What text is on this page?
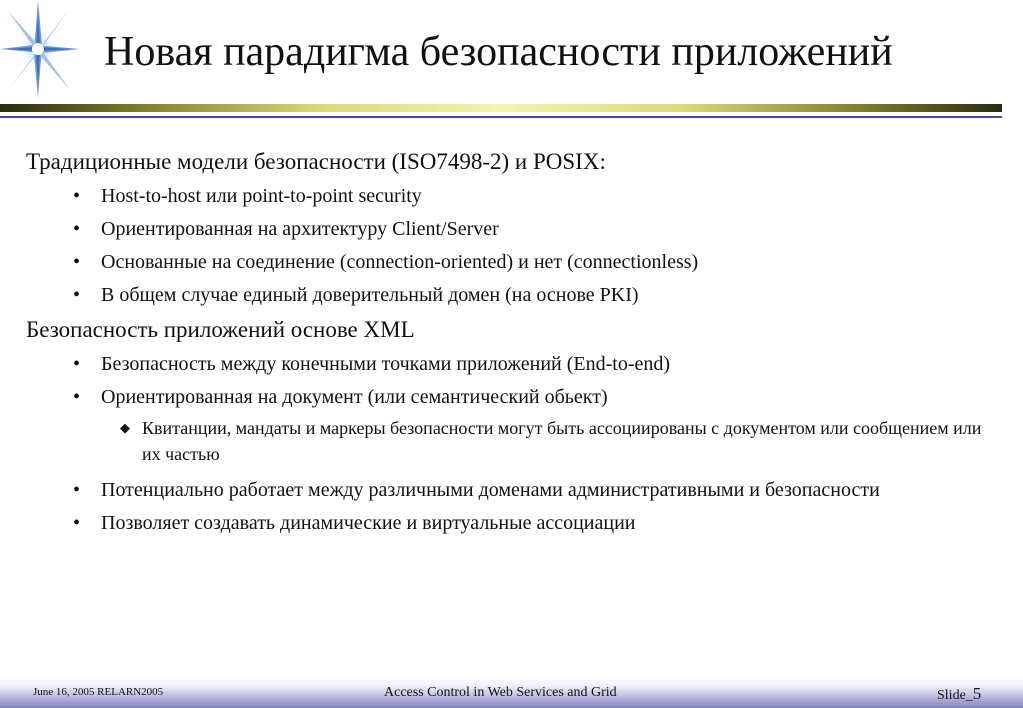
Новая парадигма безопасности приложений

Традиционные модели безопасности (ISO7498-2) и POSIX:

• Host-to-host или point-to-point security
• Ориентированная на архитектуру Client/Server
• Основанные на соединение (connection-oriented) и нет (connectionless)
• В общем случае единый доверительный домен (на основе PKI)

Безопасность приложений основе XML

• Безопасность между конечными точками приложений (End-to-end)
• Ориентированная на документ (или семантический обьект)
◆ Квитанции, мандаты и маркеры безопасности могут быть ассоциированы с документом или сообщением или их частью
• Потенциально работает между различными доменами административными и безопасности
• Позволяет создавать динамические и виртуальные ассоциации
June 16, 2005 RELARN2005	Access Control in Web Services and Grid	Slide_5
